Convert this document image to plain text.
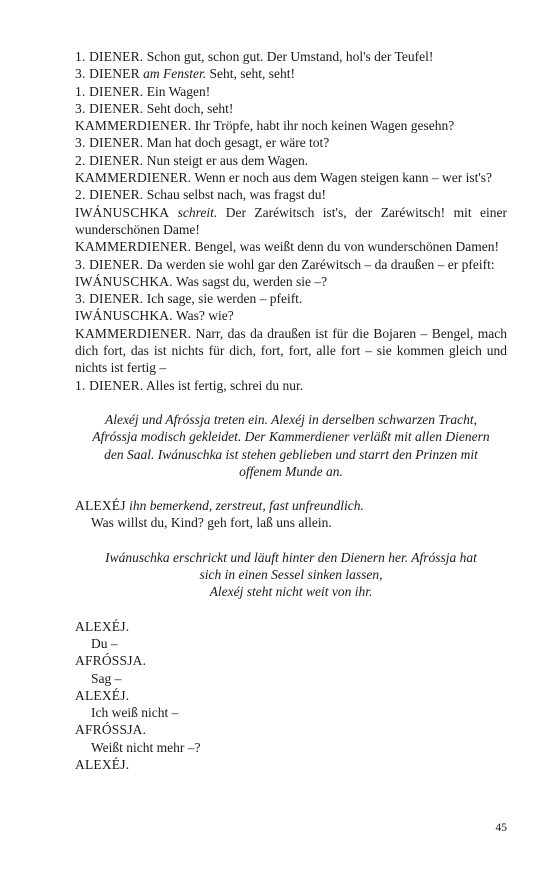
1. DIENER. Schon gut, schon gut. Der Umstand, hol's der Teufel!

3. DIENER am Fenster. Seht, seht, seht!

1. DIENER. Ein Wagen!

3. DIENER. Seht doch, seht!

KAMMERDIENER. Ihr Tröpfe, habt ihr noch keinen Wagen gesehn?

3. DIENER. Man hat doch gesagt, er wäre tot?

2. DIENER. Nun steigt er aus dem Wagen.

KAMMERDIENER. Wenn er noch aus dem Wagen steigen kann – wer ist's?

2. DIENER. Schau selbst nach, was fragst du!

IWÁNUSCHKA schreit. Der Zaréwitsch ist's, der Zaréwitsch! mit einer wunderschönen Dame!

KAMMERDIENER. Bengel, was weißt denn du von wunderschönen Damen!

3. DIENER. Da werden sie wohl gar den Zaréwitsch – da draußen – er pfeift:

IWÁNUSCHKA. Was sagst du, werden sie –?

3. DIENER. Ich sage, sie werden – pfeift.

IWÁNUSCHKA. Was? wie?

KAMMERDIENER. Narr, das da draußen ist für die Bojaren – Bengel, mach dich fort, das ist nichts für dich, fort, fort, alle fort – sie kommen gleich und nichts ist fertig –

1. DIENER. Alles ist fertig, schrei du nur.

Alexéj und Afróssja treten ein. Alexéj in derselben schwarzen Tracht,

Afróssja modisch gekleidet. Der Kammerdiener verläßt mit allen Dienern

den Saal. Iwánuschka ist stehen geblieben und starrt den Prinzen mit

offenem Munde an.

ALEXÉJ ihn bemerkend, zerstreut, fast unfreundlich.

Was willst du, Kind? geh fort, laß uns allein.

Iwánuschka erschrickt und läuft hinter den Dienern her. Afróssja hat

sich in einen Sessel sinken lassen,

Alexéj steht nicht weit von ihr.

ALEXÉJ.

Du –

AFRÓSSJA.

Sag –

ALEXÉJ.

Ich weiß nicht –

AFRÓSSJA.

Weißt nicht mehr –?

ALEXÉJ.

45
